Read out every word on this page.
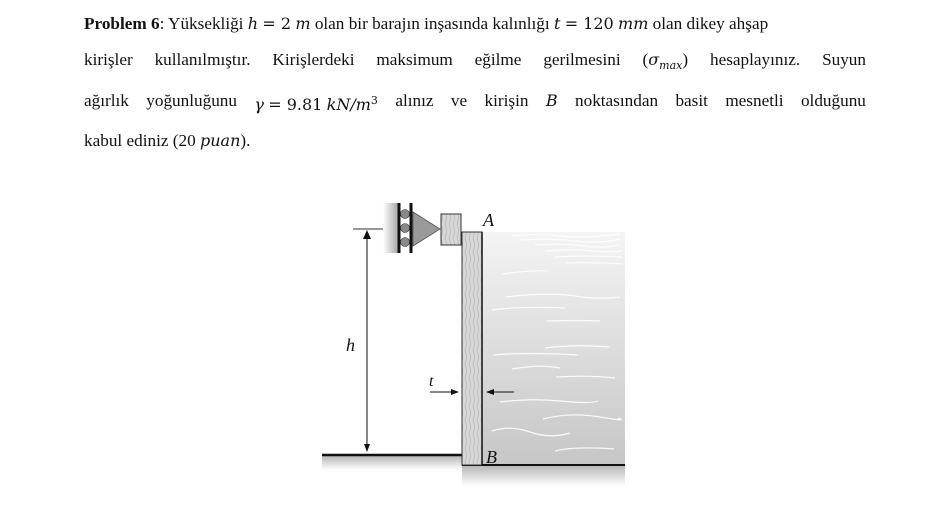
Problem 6: Yüksekliği h = 2 m olan bir barajın inşasında kalınlığı t = 120 mm olan dikey ahşap
kirişler kullanılmıştır. Kirişlerdeki maksimum eğilme gerilmesini $(\sigma_{max})$ hesaplayınız. Suyun
ağırlık yoğunluğunu γ = 9.81 $kN/m^3$ alınız ve kirişin B noktasından basit mesnetli olduğunu
kabul ediniz (20 puan).
h
t
A
B
